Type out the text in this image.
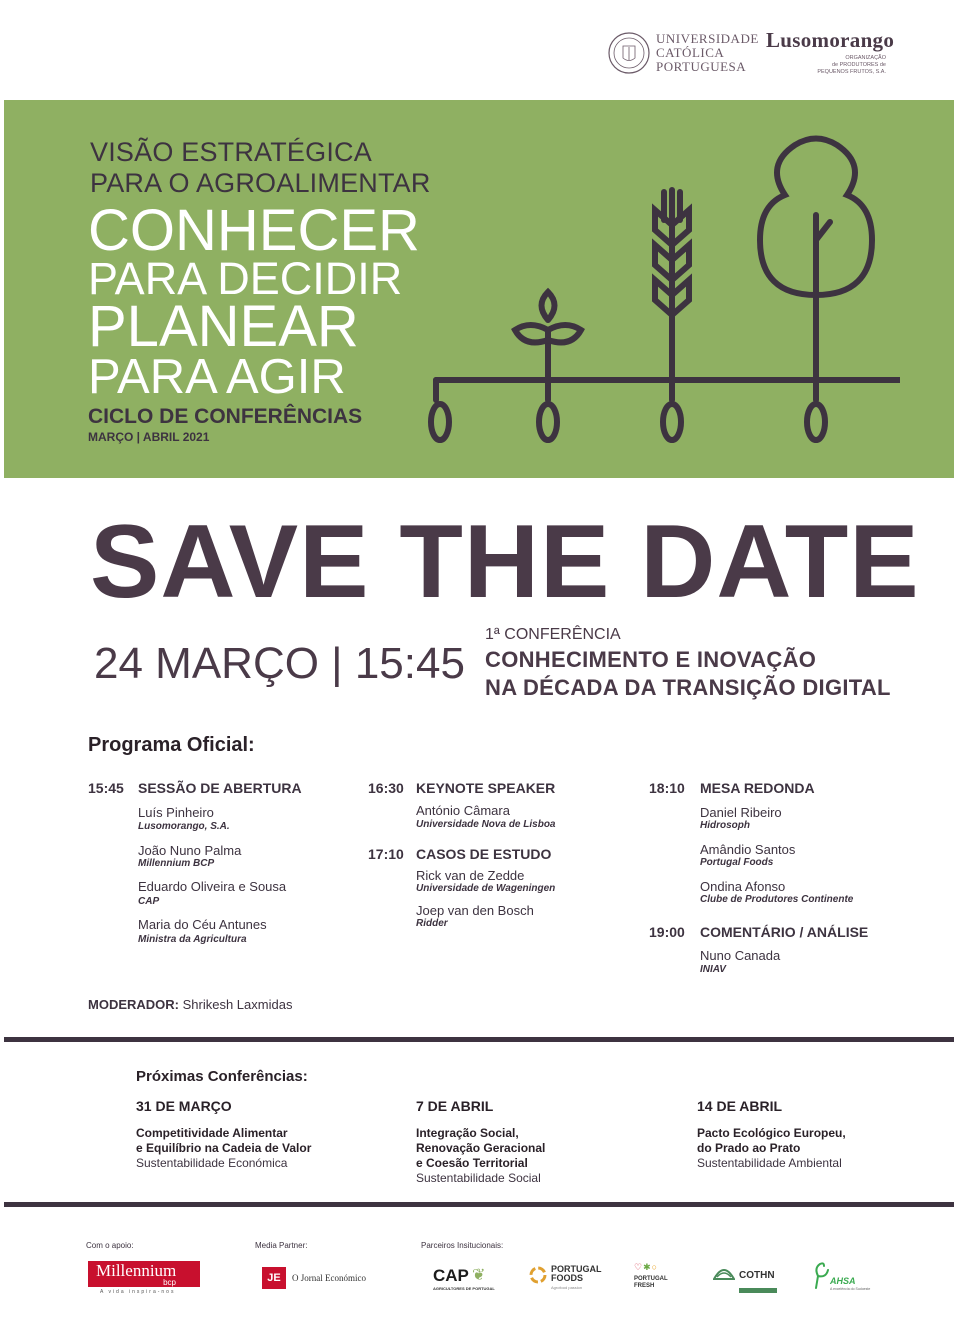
UNIVERSIDADE
CATÓLICA
PORTUGUESA
Lusomorango
ORGANIZAÇÃO
de PRODUTORES de
PEQUENOS FRUTOS, S.A.
VISÃO ESTRATÉGICA
PARA O AGROALIMENTAR
CONHECER
PARA DECIDIR
PLANEAR
PARA AGIR
CICLO DE CONFERÊNCIAS
MARÇO | ABRIL 2021
SAVE THE DATE
24 MARÇO | 15:45
1ª CONFERÊNCIA
CONHECIMENTO E INOVAÇÃO
NA DÉCADA DA TRANSIÇÃO DIGITAL
Programa Oficial:
15:45 SESSÃO DE ABERTURA
Luís Pinheiro
Lusomorango, S.A.
João Nuno Palma
Millennium BCP
Eduardo Oliveira e Sousa
CAP
Maria do Céu Antunes
Ministra da Agricultura
16:30 KEYNOTE SPEAKER
António Câmara
Universidade Nova de Lisboa
17:10 CASOS DE ESTUDO
Rick van de Zedde
Universidade de Wageningen
Joep van den Bosch
Ridder
18:10 MESA REDONDA
Daniel Ribeiro
Hidrosoph
Amândio Santos
Portugal Foods
Ondina Afonso
Clube de Produtores Continente
19:00 COMENTÁRIO / ANÁLISE
Nuno Canada
INIAV
MODERADOR: Shrikesh Laxmidas
Próximas Conferências:
31 DE MARÇO
Competitividade Alimentar
e Equilíbrio na Cadeia de Valor
Sustentabilidade Económica
7 DE ABRIL
Integração Social,
Renovação Geracional
e Coesão Territorial
Sustentabilidade Social
14 DE ABRIL
Pacto Ecológico Europeu,
do Prado ao Prato
Sustentabilidade Ambiental
Com o apoio:	Media Partner:	Parceiros Insitucionais:
Millennium
bcp
A vida inspira-nos
JE	O Jornal Económico	CAP ❦
AGRICULTORES DE PORTUGAL
PORTUGAL
FOODS
Agrofood passion
♡✱○
PORTUGAL
FRESH
COTHN	AHSA
A excelência do Sudoeste
